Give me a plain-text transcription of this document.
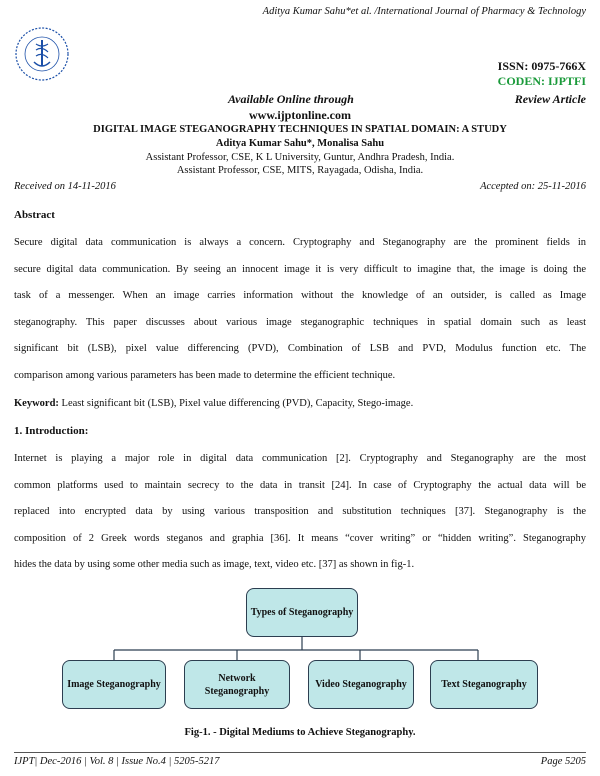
Aditya Kumar Sahu*et al. /International Journal of Pharmacy & Technology
ISSN: 0975-766X
CODEN: IJPTFI
Available Online through	Review Article
www.ijptonline.com
DIGITAL IMAGE STEGANOGRAPHY TECHNIQUES IN SPATIAL DOMAIN: A STUDY
Aditya Kumar Sahu*, Monalisa Sahu
Assistant Professor, CSE, K L University, Guntur, Andhra Pradesh, India.
Assistant Professor, CSE, MITS, Rayagada, Odisha, India.
Received on 14-11-2016	Accepted on: 25-11-2016
Abstract
Secure digital data communication is always a concern. Cryptography and Steganography are the prominent fields in
secure digital data communication. By seeing an innocent image it is very difficult to imagine that, the image is doing the
task of a messenger. When an image carries information without the knowledge of an outsider, is called as Image
steganography. This paper discusses about various image steganographic techniques in spatial domain such as least
significant bit (LSB), pixel value differencing (PVD), Combination of LSB and PVD, Modulus function etc. The
comparison among various parameters has been made to determine the efficient technique.
Keyword: Least significant bit (LSB), Pixel value differencing (PVD), Capacity, Stego-image.
1. Introduction:
Internet is playing a major role in digital data communication [2]. Cryptography and Steganography are the most
common platforms used to maintain secrecy to the data in transit [24]. In case of Cryptography the actual data will be
replaced into encrypted data by using various transposition and substitution techniques [37]. Steganography is the
composition of 2 Greek words steganos and graphia [36]. It means “cover writing” or “hidden writing”. Steganography
hides the data by using some other media such as image, text, video etc. [37] as shown in fig-1.
Types of Steganography
Image Steganography
Network Steganography
Video Steganography	Text Steganography
Fig-1. - Digital Mediums to Achieve Steganography.
IJPT| Dec-2016 | Vol. 8 | Issue No.4 | 5205-5217	Page 5205
